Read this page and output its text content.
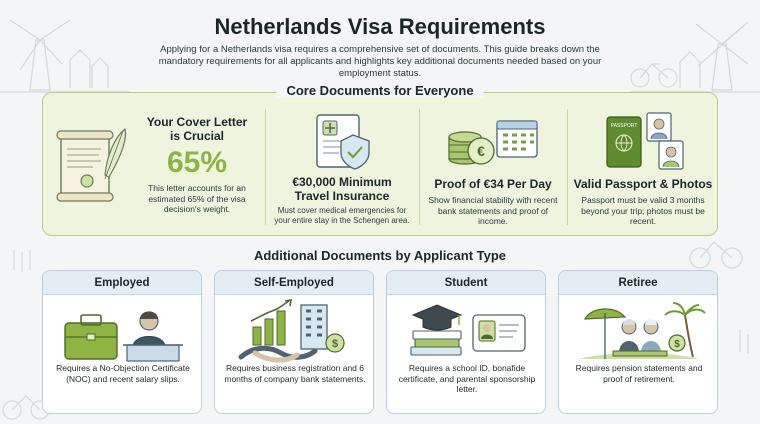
Netherlands Visa Requirements
Applying for a Netherlands visa requires a comprehensive set of documents. This guide breaks down the mandatory requirements for all applicants and highlights key additional documents needed based on your employment status.
Core Documents for Everyone
Your Cover Letter
is Crucial
65%
This letter accounts for an estimated 65% of the visa decision's weight.
€30,000 Minimum
Travel Insurance
Must cover medical emergencies for your entire stay in the Schengen area.
€
Proof of €34 Per Day
Show financial stability with recent bank statements and proof of income.
PASSPORT
Valid Passport & Photos
Passport must be valid 3 months beyond your trip; photos must be recent.
Additional Documents by Applicant Type
Employed
Requires a No-Objection Certificate (NOC) and recent salary slips.
Self-Employed
$
Requires business registration and 6 months of company bank statements.
Student
Requires a school ID, bonafide certificate, and parental sponsorship letter.
Retiree
$
Requires pension statements and proof of retirement.
